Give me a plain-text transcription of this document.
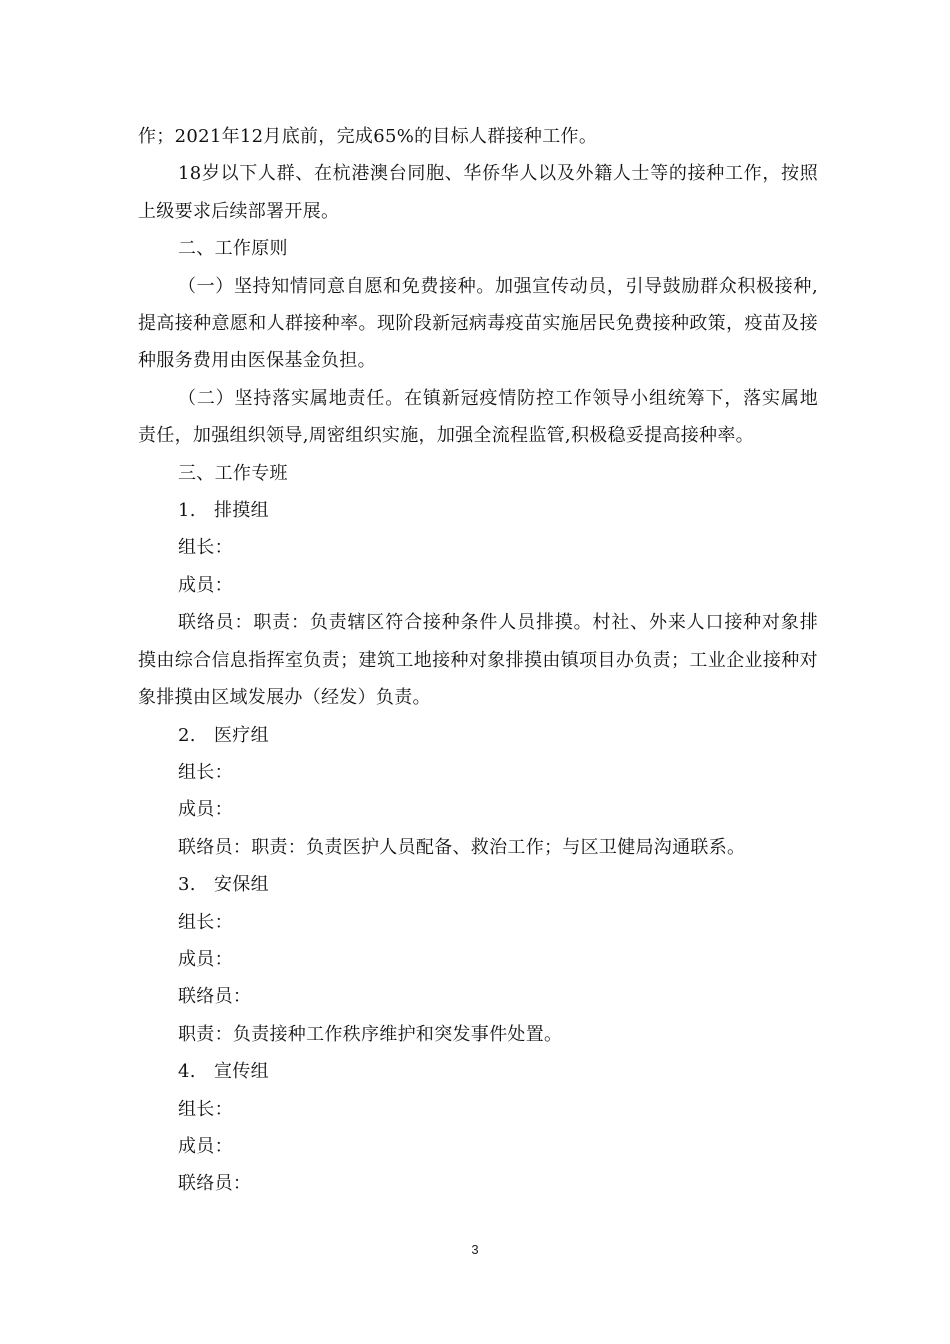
作；2021年12月底前，完成65%的目标人群接种工作。

18岁以下人群、在杭港澳台同胞、华侨华人以及外籍人士等的接种工作，按照上级要求后续部署开展。

二、工作原则

（一）坚持知情同意自愿和免费接种。加强宣传动员，引导鼓励群众积极接种,提高接种意愿和人群接种率。现阶段新冠病毒疫苗实施居民免费接种政策，疫苗及接种服务费用由医保基金负担。

（二）坚持落实属地责任。在镇新冠疫情防控工作领导小组统筹下，落实属地责任，加强组织领导,周密组织实施，加强全流程监管,积极稳妥提高接种率。

三、工作专班

1. 排摸组

组长：

成员：

联络员：职责：负责辖区符合接种条件人员排摸。村社、外来人口接种对象排摸由综合信息指挥室负责；建筑工地接种对象排摸由镇项目办负责；工业企业接种对象排摸由区域发展办（经发）负责。

2. 医疗组

组长：

成员：

联络员：职责：负责医护人员配备、救治工作；与区卫健局沟通联系。

3. 安保组

组长：

成员：

联络员：

职责：负责接种工作秩序维护和突发事件处置。

4. 宣传组

组长：

成员：

联络员：

3
